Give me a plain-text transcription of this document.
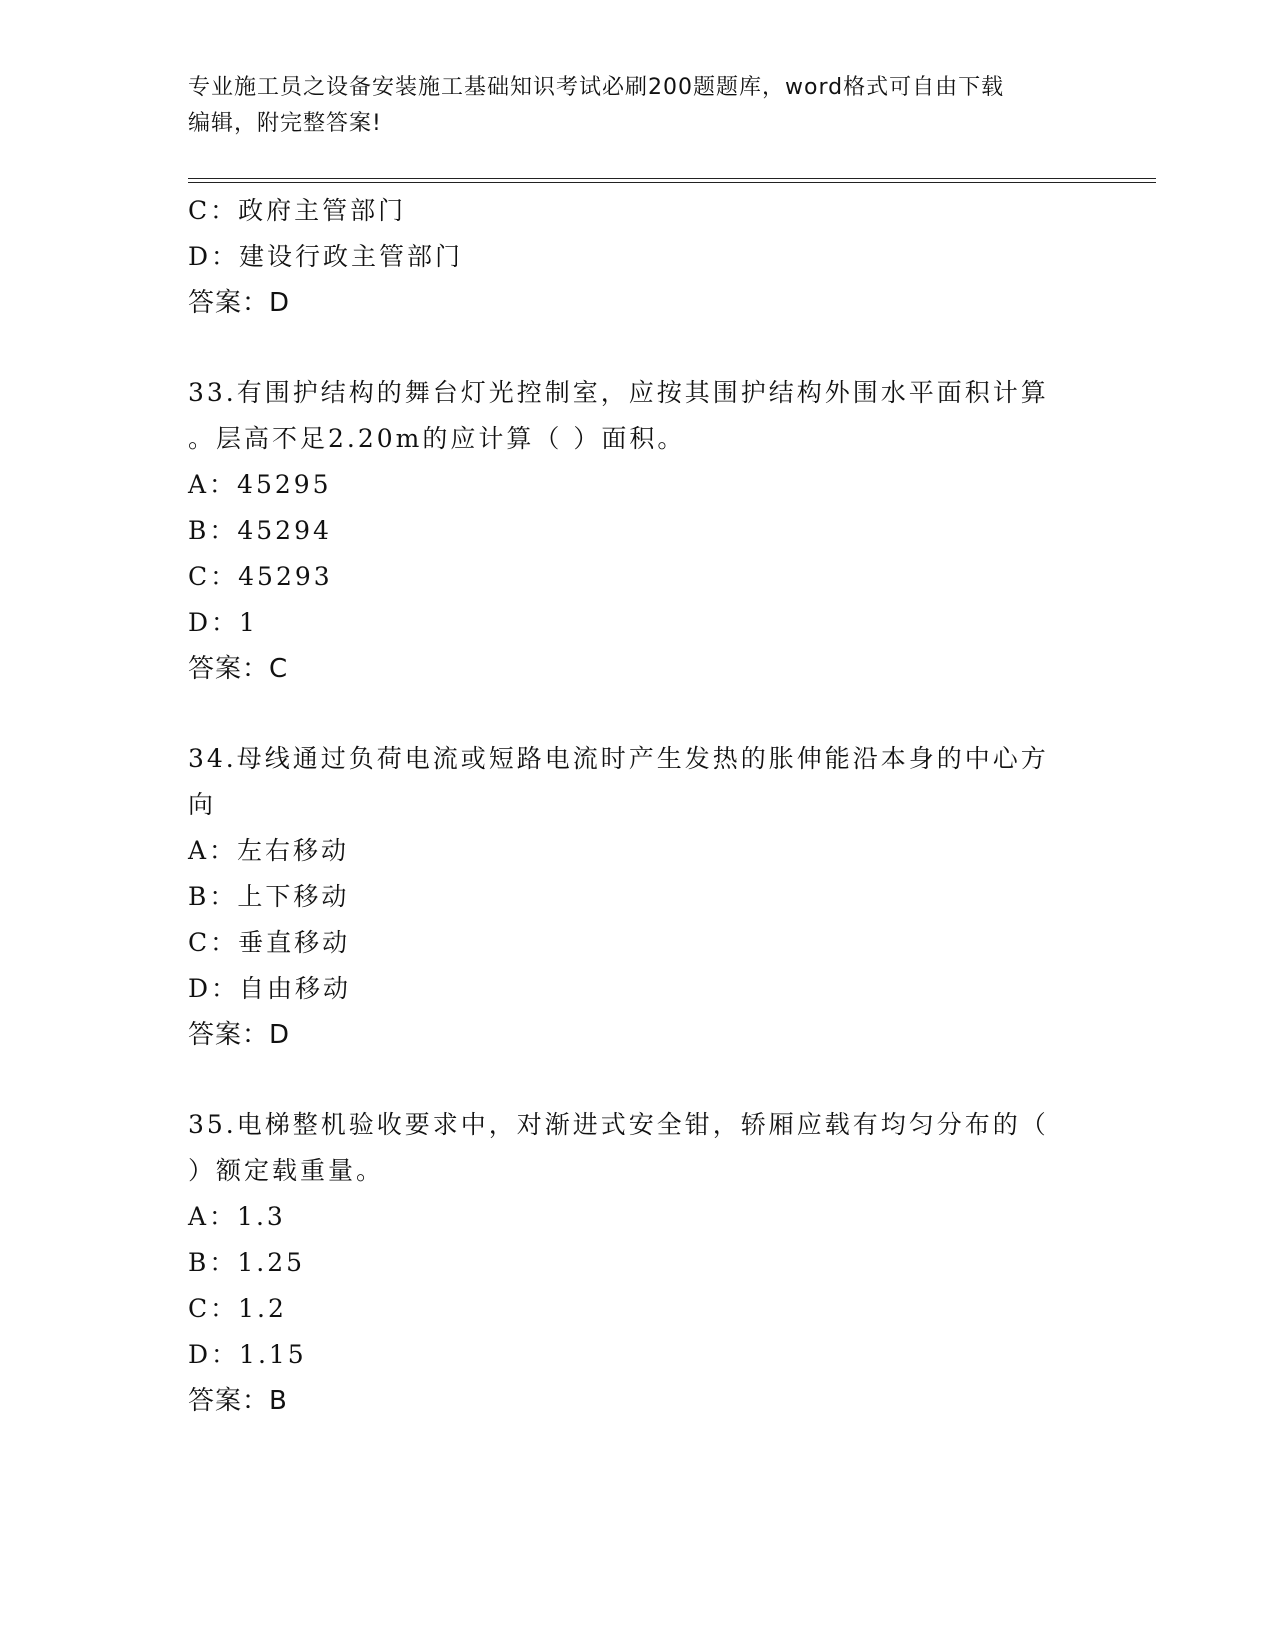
专业施工员之设备安装施工基础知识考试必刷200题题库，word格式可自由下载
编辑，附完整答案!
C：政府主管部门
D：建设行政主管部门
答案：D
33.有围护结构的舞台灯光控制室，应按其围护结构外围水平面积计算
。层高不足2.20m的应计算（ ）面积。
A：45295
B：45294
C：45293
D：1
答案：C
34.母线通过负荷电流或短路电流时产生发热的胀伸能沿本身的中心方
向
A：左右移动
B：上下移动
C：垂直移动
D：自由移动
答案：D
35.电梯整机验收要求中，对渐进式安全钳，轿厢应载有均匀分布的（
）额定载重量。
A：1.3
B：1.25
C：1.2
D：1.15
答案：B
